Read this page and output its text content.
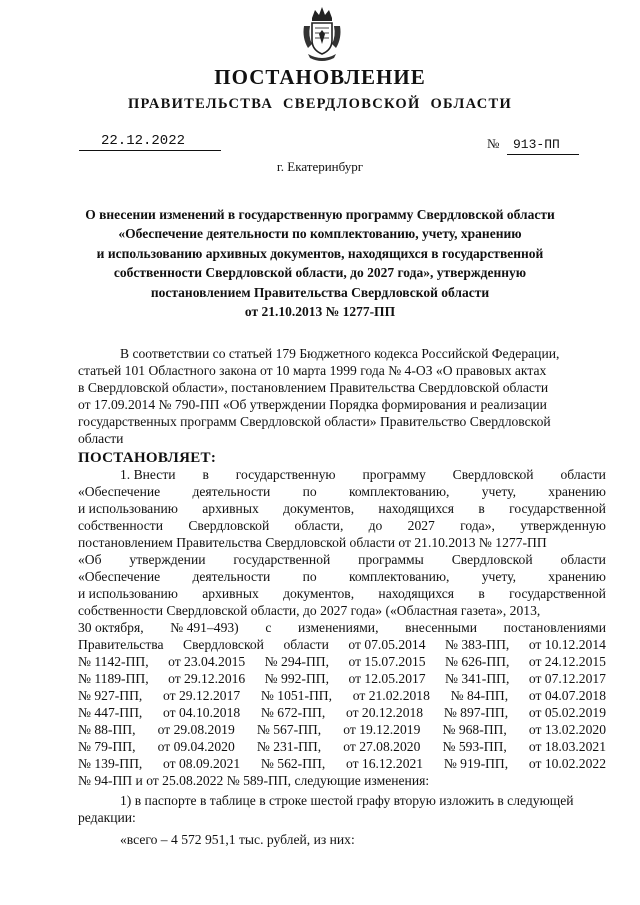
ПОСТАНОВЛЕНИЕ
ПРАВИТЕЛЬСТВА  СВЕРДЛОВСКОЙ  ОБЛАСТИ
22.12.2022	№ 913-ПП
г. Екатеринбург
О внесении изменений в государственную программу Свердловской области
«Обеспечение деятельности по комплектованию, учету, хранению
и использованию архивных документов, находящихся в государственной
собственности Свердловской области, до 2027 года», утвержденную
постановлением Правительства Свердловской области
от 21.10.2013 № 1277-ПП
В соответствии со статьей 179 Бюджетного кодекса Российской Федерации,
статьей 101 Областного закона от 10 марта 1999 года № 4-ОЗ «О правовых актах
в Свердловской области», постановлением Правительства Свердловской области
от 17.09.2014 № 790-ПП «Об утверждении Порядка формирования и реализации
государственных программ Свердловской области» Правительство Свердловской
области
ПОСТАНОВЛЯЕТ:
1. Внести в государственную программу Свердловской области
«Обеспечение деятельности по комплектованию, учету, хранению
и использованию архивных документов, находящихся в государственной
собственности Свердловской области, до 2027 года», утвержденную
постановлением Правительства Свердловской области от 21.10.2013 № 1277-ПП
«Об утверждении государственной программы Свердловской области
«Обеспечение деятельности по комплектованию, учету, хранению
и использованию архивных документов, находящихся в государственной
собственности Свердловской области, до 2027 года» («Областная газета», 2013,
30 октября, № 491–493) с изменениями, внесенными постановлениями
Правительства Свердловской области от 07.05.2014 № 383-ПП, от 10.12.2014
№ 1142-ПП, от 23.04.2015 № 294-ПП, от 15.07.2015 № 626-ПП, от 24.12.2015
№ 1189-ПП, от 29.12.2016 № 992-ПП, от 12.05.2017 № 341-ПП, от 07.12.2017
№ 927-ПП, от 29.12.2017 № 1051-ПП, от 21.02.2018 № 84-ПП, от 04.07.2018
№ 447-ПП, от 04.10.2018 № 672-ПП, от 20.12.2018 № 897-ПП, от 05.02.2019
№ 88-ПП, от 29.08.2019 № 567-ПП, от 19.12.2019 № 968-ПП, от 13.02.2020
№ 79-ПП, от 09.04.2020 № 231-ПП, от 27.08.2020 № 593-ПП, от 18.03.2021
№ 139-ПП, от 08.09.2021 № 562-ПП, от 16.12.2021 № 919-ПП, от 10.02.2022
№ 94-ПП и от 25.08.2022 № 589-ПП, следующие изменения:
1) в паспорте в таблице в строке шестой графу вторую изложить в следующей
редакции:
«всего – 4 572 951,1 тыс. рублей, из них:
